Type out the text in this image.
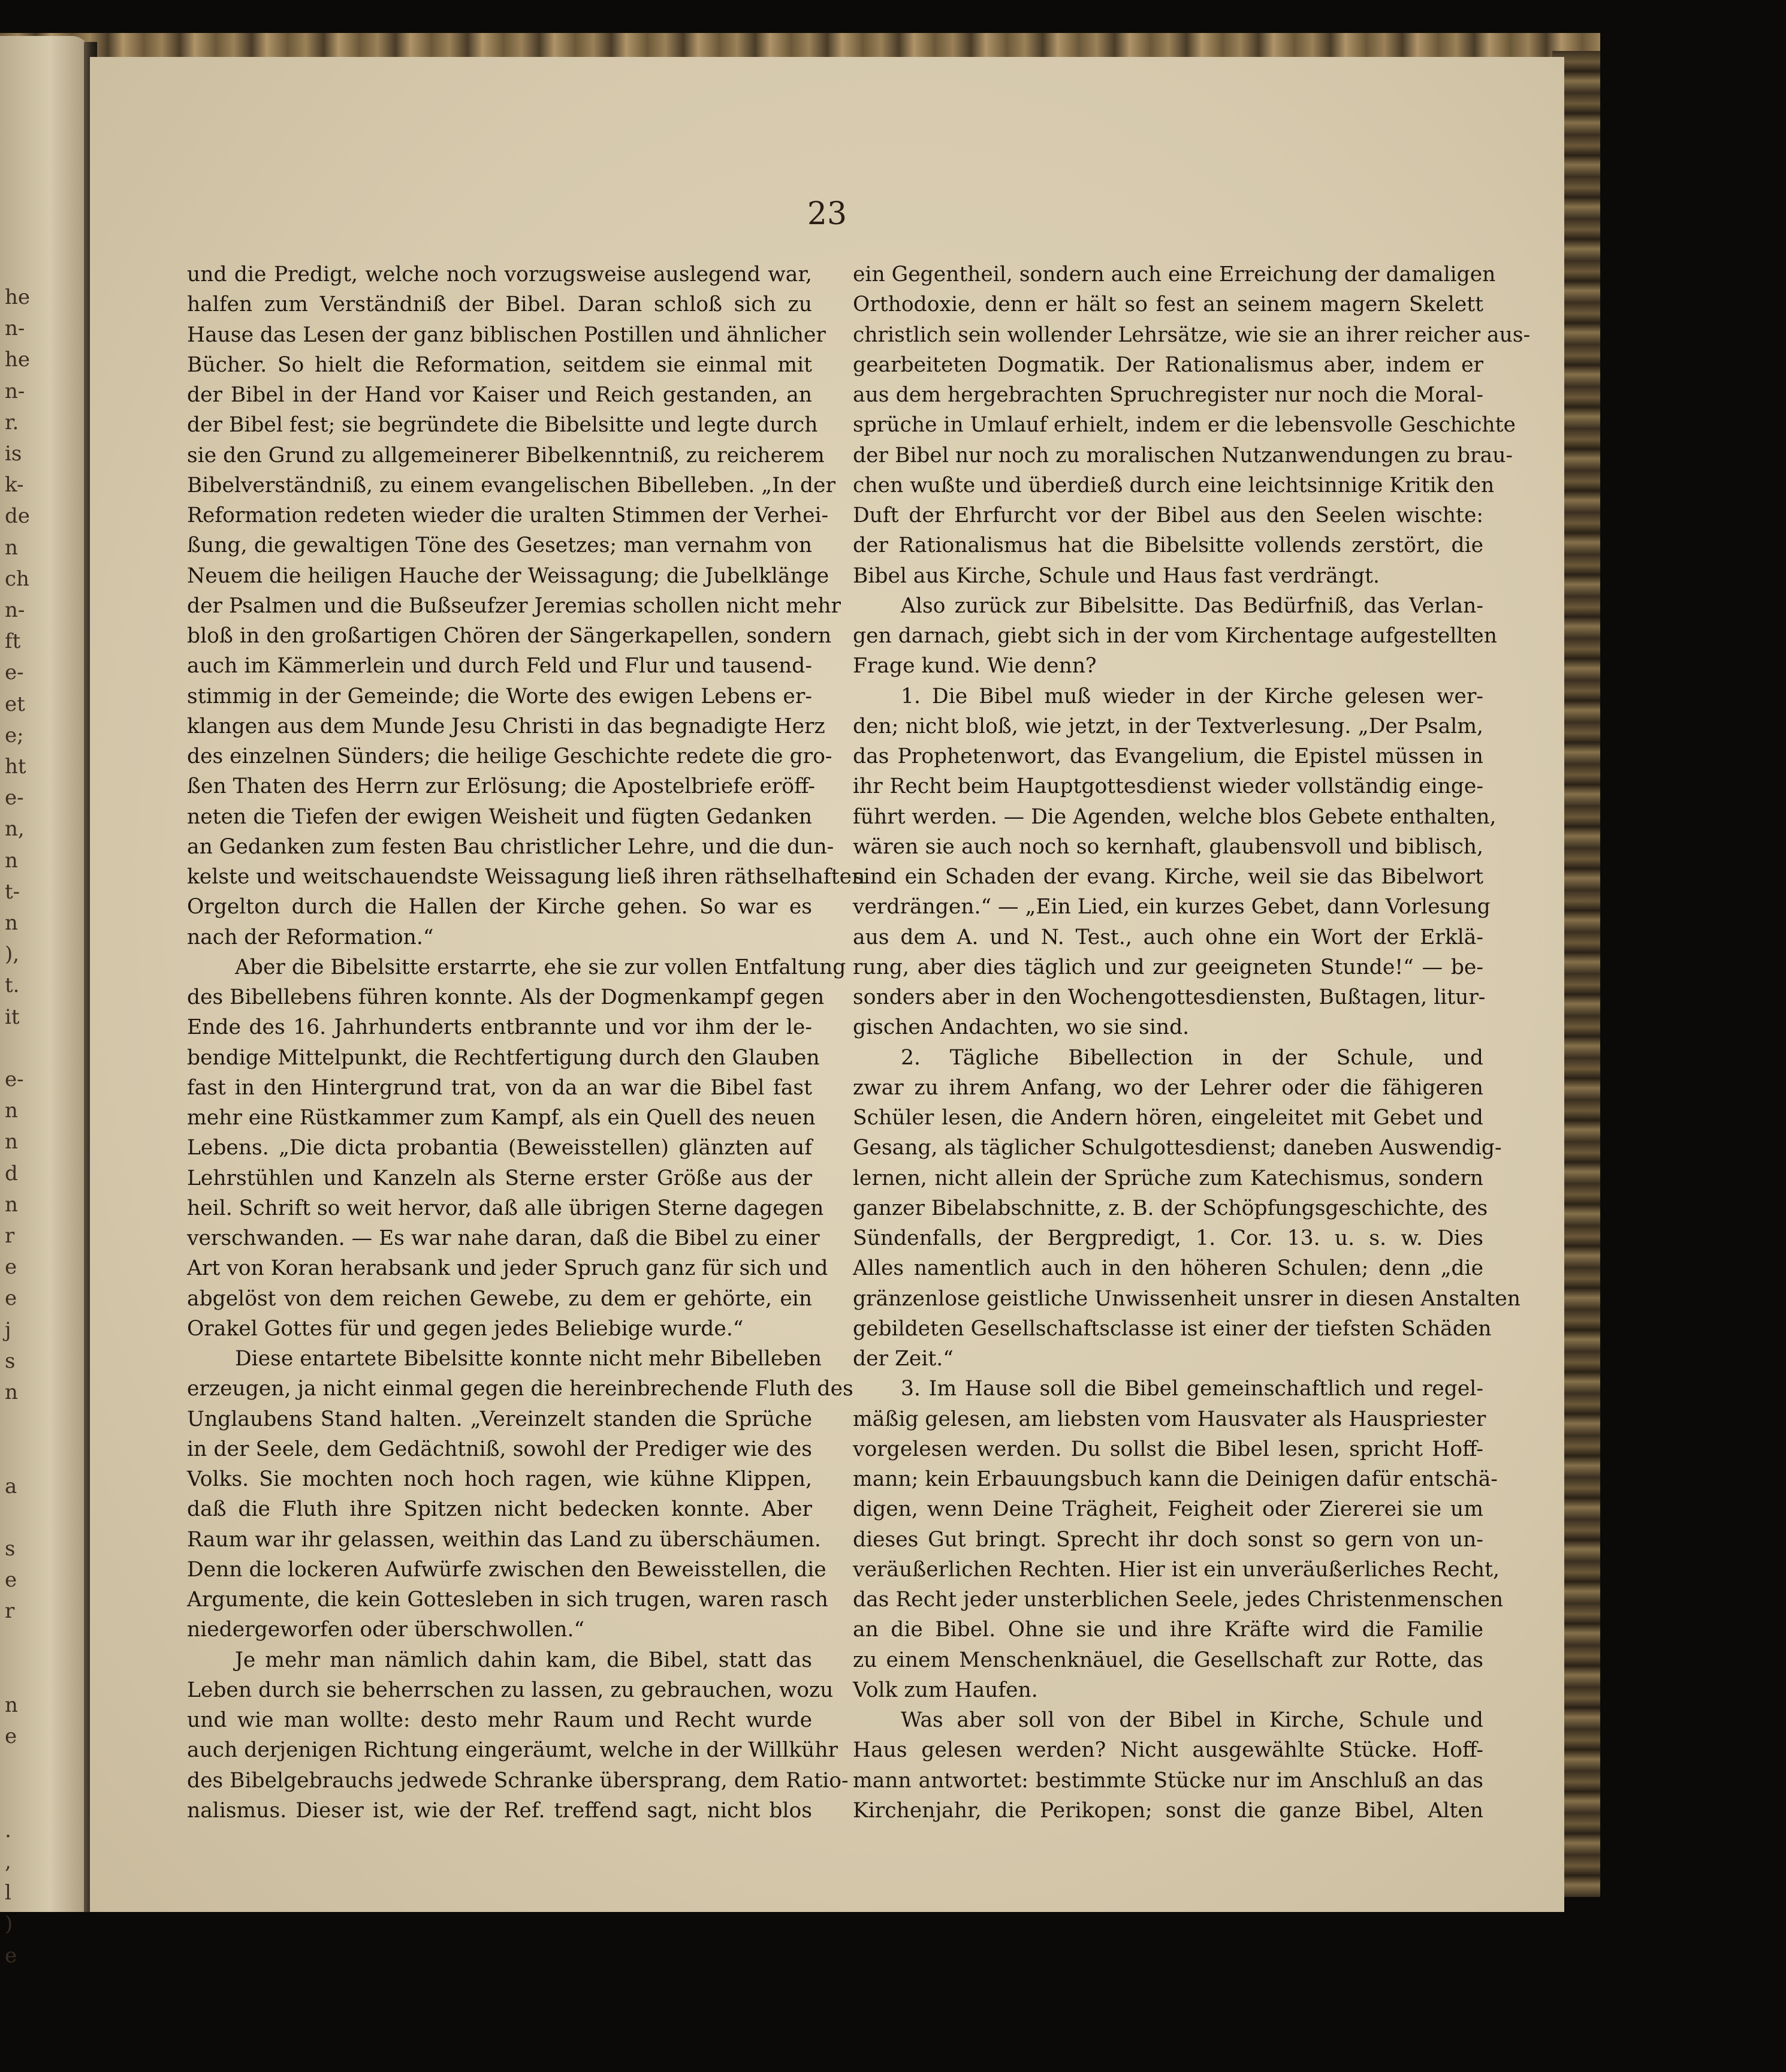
he
n-
he
n-
r.
is
k-
de
n
ch
n-
ft
e-
et
e;
ht
e-
n,
n
t-
n
),
t.
it
e-
n
n
d
n
r
e
e
j
s
n
a
s
e
r
n
e
.
,
l
)
e
23
und die Predigt, welche noch vorzugsweise auslegend war,
halfen zum Verständniß der Bibel. Daran schloß sich zu
Hause das Lesen der ganz biblischen Postillen und ähnlicher
Bücher. So hielt die Reformation, seitdem sie einmal mit
der Bibel in der Hand vor Kaiser und Reich gestanden, an
der Bibel fest; sie begründete die Bibelsitte und legte durch
sie den Grund zu allgemeinerer Bibelkenntniß, zu reicherem
Bibelverständniß, zu einem evangelischen Bibelleben. „In der
Reformation redeten wieder die uralten Stimmen der Verhei-
ßung, die gewaltigen Töne des Gesetzes; man vernahm von
Neuem die heiligen Hauche der Weissagung; die Jubelklänge
der Psalmen und die Bußseufzer Jeremias schollen nicht mehr
bloß in den großartigen Chören der Sängerkapellen, sondern
auch im Kämmerlein und durch Feld und Flur und tausend-
stimmig in der Gemeinde; die Worte des ewigen Lebens er-
klangen aus dem Munde Jesu Christi in das begnadigte Herz
des einzelnen Sünders; die heilige Geschichte redete die gro-
ßen Thaten des Herrn zur Erlösung; die Apostelbriefe eröff-
neten die Tiefen der ewigen Weisheit und fügten Gedanken
an Gedanken zum festen Bau christlicher Lehre, und die dun-
kelste und weitschauendste Weissagung ließ ihren räthselhaften
Orgelton durch die Hallen der Kirche gehen. So war es
nach der Reformation.“
Aber die Bibelsitte erstarrte, ehe sie zur vollen Entfaltung
des Bibellebens führen konnte. Als der Dogmenkampf gegen
Ende des 16. Jahrhunderts entbrannte und vor ihm der le-
bendige Mittelpunkt, die Rechtfertigung durch den Glauben
fast in den Hintergrund trat, von da an war die Bibel fast
mehr eine Rüstkammer zum Kampf, als ein Quell des neuen
Lebens. „Die dicta probantia (Beweisstellen) glänzten auf
Lehrstühlen und Kanzeln als Sterne erster Größe aus der
heil. Schrift so weit hervor, daß alle übrigen Sterne dagegen
verschwanden. — Es war nahe daran, daß die Bibel zu einer
Art von Koran herabsank und jeder Spruch ganz für sich und
abgelöst von dem reichen Gewebe, zu dem er gehörte, ein
Orakel Gottes für und gegen jedes Beliebige wurde.“
Diese entartete Bibelsitte konnte nicht mehr Bibelleben
erzeugen, ja nicht einmal gegen die hereinbrechende Fluth des
Unglaubens Stand halten. „Vereinzelt standen die Sprüche
in der Seele, dem Gedächtniß, sowohl der Prediger wie des
Volks. Sie mochten noch hoch ragen, wie kühne Klippen,
daß die Fluth ihre Spitzen nicht bedecken konnte. Aber
Raum war ihr gelassen, weithin das Land zu überschäumen.
Denn die lockeren Aufwürfe zwischen den Beweisstellen, die
Argumente, die kein Gottesleben in sich trugen, waren rasch
niedergeworfen oder überschwollen.“
Je mehr man nämlich dahin kam, die Bibel, statt das
Leben durch sie beherrschen zu lassen, zu gebrauchen, wozu
und wie man wollte: desto mehr Raum und Recht wurde
auch derjenigen Richtung eingeräumt, welche in der Willkühr
des Bibelgebrauchs jedwede Schranke übersprang, dem Ratio-
nalismus. Dieser ist, wie der Ref. treffend sagt, nicht blos
ein Gegentheil, sondern auch eine Erreichung der damaligen
Orthodoxie, denn er hält so fest an seinem magern Skelett
christlich sein wollender Lehrsätze, wie sie an ihrer reicher aus-
gearbeiteten Dogmatik. Der Rationalismus aber, indem er
aus dem hergebrachten Spruchregister nur noch die Moral-
sprüche in Umlauf erhielt, indem er die lebensvolle Geschichte
der Bibel nur noch zu moralischen Nutzanwendungen zu brau-
chen wußte und überdieß durch eine leichtsinnige Kritik den
Duft der Ehrfurcht vor der Bibel aus den Seelen wischte:
der Rationalismus hat die Bibelsitte vollends zerstört, die
Bibel aus Kirche, Schule und Haus fast verdrängt.
Also zurück zur Bibelsitte. Das Bedürfniß, das Verlan-
gen darnach, giebt sich in der vom Kirchentage aufgestellten
Frage kund. Wie denn?
1. Die Bibel muß wieder in der Kirche gelesen wer-
den; nicht bloß, wie jetzt, in der Textverlesung. „Der Psalm,
das Prophetenwort, das Evangelium, die Epistel müssen in
ihr Recht beim Hauptgottesdienst wieder vollständig einge-
führt werden. — Die Agenden, welche blos Gebete enthalten,
wären sie auch noch so kernhaft, glaubensvoll und biblisch,
sind ein Schaden der evang. Kirche, weil sie das Bibelwort
verdrängen.“ — „Ein Lied, ein kurzes Gebet, dann Vorlesung
aus dem A. und N. Test., auch ohne ein Wort der Erklä-
rung, aber dies täglich und zur geeigneten Stunde!“ — be-
sonders aber in den Wochengottesdiensten, Bußtagen, litur-
gischen Andachten, wo sie sind.
2. Tägliche Bibellection in der Schule, und
zwar zu ihrem Anfang, wo der Lehrer oder die fähigeren
Schüler lesen, die Andern hören, eingeleitet mit Gebet und
Gesang, als täglicher Schulgottesdienst; daneben Auswendig-
lernen, nicht allein der Sprüche zum Katechismus, sondern
ganzer Bibelabschnitte, z. B. der Schöpfungsgeschichte, des
Sündenfalls, der Bergpredigt, 1. Cor. 13. u. s. w. Dies
Alles namentlich auch in den höheren Schulen; denn „die
gränzenlose geistliche Unwissenheit unsrer in diesen Anstalten
gebildeten Gesellschaftsclasse ist einer der tiefsten Schäden
der Zeit.“
3. Im Hause soll die Bibel gemeinschaftlich und regel-
mäßig gelesen, am liebsten vom Hausvater als Hauspriester
vorgelesen werden. Du sollst die Bibel lesen, spricht Hoff-
mann; kein Erbauungsbuch kann die Deinigen dafür entschä-
digen, wenn Deine Trägheit, Feigheit oder Ziererei sie um
dieses Gut bringt. Sprecht ihr doch sonst so gern von un-
veräußerlichen Rechten. Hier ist ein unveräußerliches Recht,
das Recht jeder unsterblichen Seele, jedes Christenmenschen
an die Bibel. Ohne sie und ihre Kräfte wird die Familie
zu einem Menschenknäuel, die Gesellschaft zur Rotte, das
Volk zum Haufen.
Was aber soll von der Bibel in Kirche, Schule und
Haus gelesen werden? Nicht ausgewählte Stücke. Hoff-
mann antwortet: bestimmte Stücke nur im Anschluß an das
Kirchenjahr, die Perikopen; sonst die ganze Bibel, Alten
